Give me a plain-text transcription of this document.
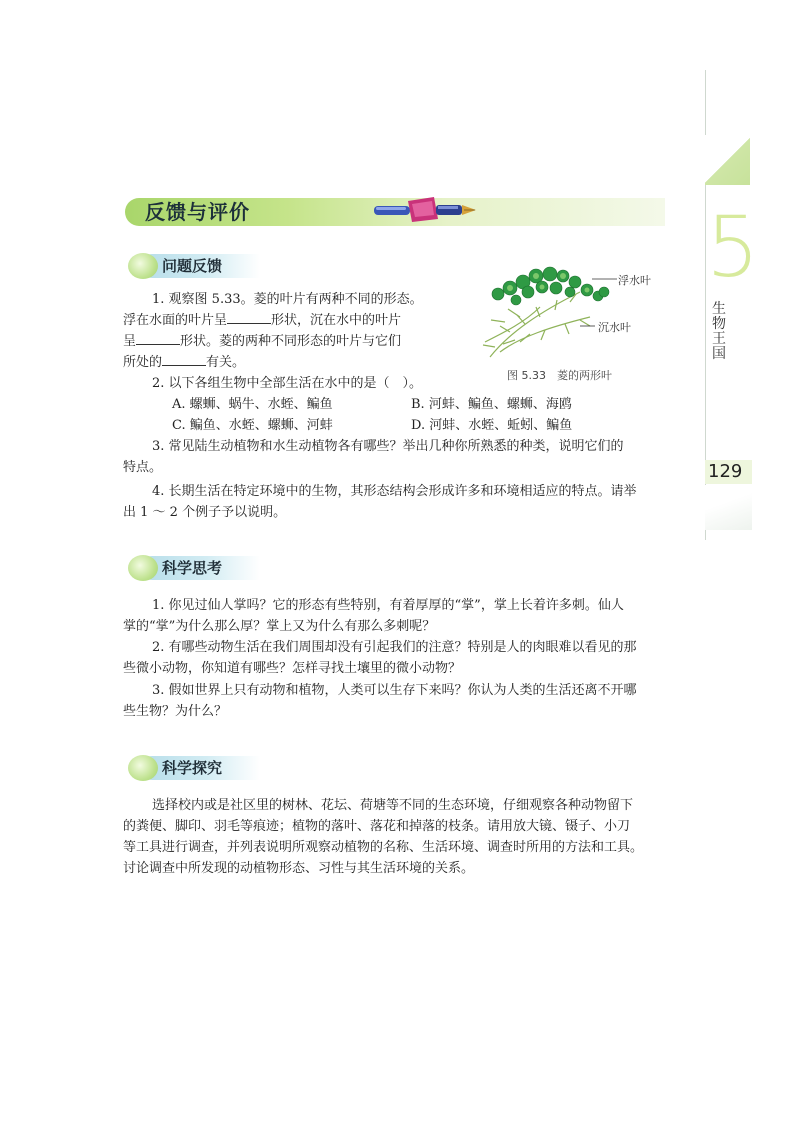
5
生物王国
129
反馈与评价
问题反馈
1. 观察图 5.33。菱的叶片有两种不同的形态。
浮在水面的叶片呈	形状，沉在水中的叶片
呈	形状。菱的两种不同形态的叶片与它们
所处的	有关。
浮水叶
沉水叶
图 5.33　菱的两形叶
2. 以下各组生物中全部生活在水中的是（　）。
A. 螺蛳、蜗牛、水蛭、鳊鱼	B. 河蚌、鳊鱼、螺蛳、海鸥
C. 鳊鱼、水蛭、螺蛳、河蚌	D. 河蚌、水蛭、蚯蚓、鳊鱼
3. 常见陆生动植物和水生动植物各有哪些？举出几种你所熟悉的种类，说明它们的
特点。
4. 长期生活在特定环境中的生物，其形态结构会形成许多和环境相适应的特点。请举
出 1 ～ 2 个例子予以说明。
科学思考
1. 你见过仙人掌吗？它的形态有些特别，有着厚厚的“掌”，掌上长着许多刺。仙人
掌的“掌”为什么那么厚？掌上又为什么有那么多刺呢？
2. 有哪些动物生活在我们周围却没有引起我们的注意？特别是人的肉眼难以看见的那
些微小动物，你知道有哪些？怎样寻找土壤里的微小动物？
3. 假如世界上只有动物和植物，人类可以生存下来吗？你认为人类的生活还离不开哪
些生物？为什么？
科学探究
选择校内或是社区里的树林、花坛、荷塘等不同的生态环境，仔细观察各种动物留下
的粪便、脚印、羽毛等痕迹；植物的落叶、落花和掉落的枝条。请用放大镜、镊子、小刀
等工具进行调查，并列表说明所观察动植物的名称、生活环境、调查时所用的方法和工具。
讨论调查中所发现的动植物形态、习性与其生活环境的关系。
